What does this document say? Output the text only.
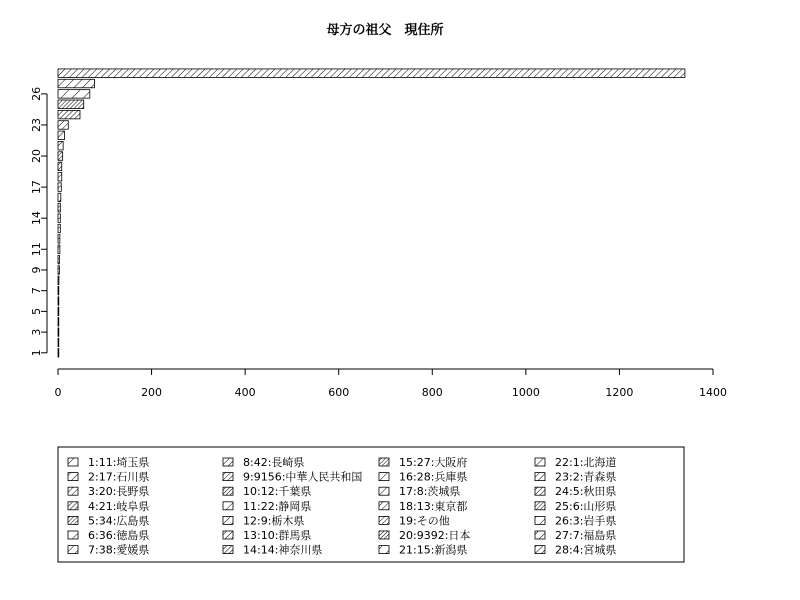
母方の祖父　現住所
0	200	400	600	800	1000	1200	1400
1
3
5
7
9
11
14
17
20
23
26
1:11:埼玉県
2:17:石川県
3:20:長野県
4:21:岐阜県
5:34:広島県
6:36:徳島県
7:38:愛媛県
8:42:長崎県
9:9156:中華人民共和国
10:12:千葉県
11:22:静岡県
12:9:栃木県
13:10:群馬県
14:14:神奈川県
15:27:大阪府
16:28:兵庫県
17:8:茨城県
18:13:東京都
19:その他
20:9392:日本
21:15:新潟県
22:1:北海道
23:2:青森県
24:5:秋田県
25:6:山形県
26:3:岩手県
27:7:福島県
28:4:宮城県
